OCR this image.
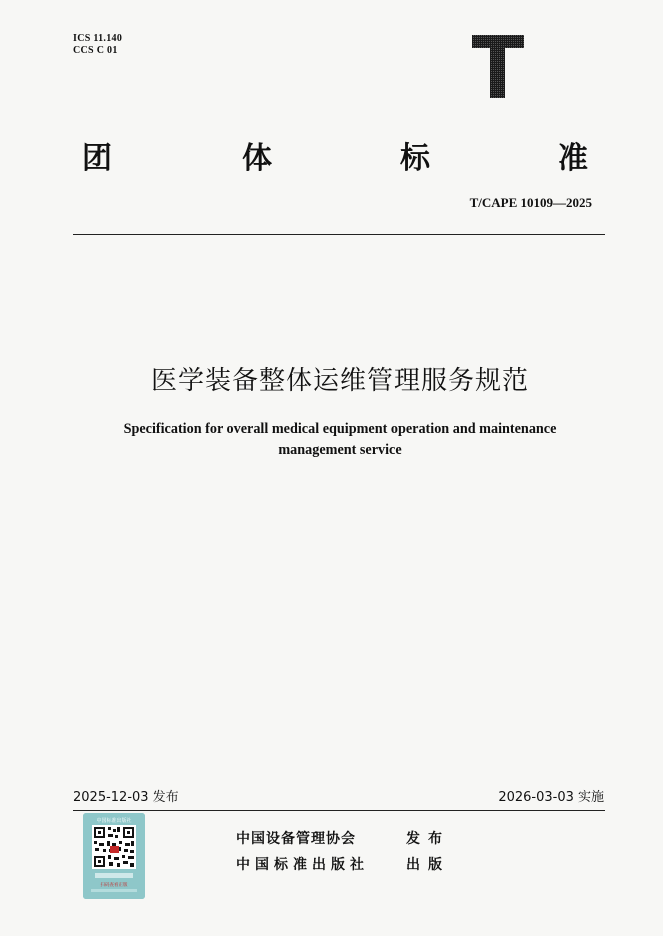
ICS 11.140
CCS C 01
T
团	体	标	准
T/CAPE 10109—2025
医学装备整体运维管理服务规范
Specification for overall medical equipment operation and maintenance
management service
2025-12-03 发布	2026-03-03 实施
中国标准出版社
扫码查看正版
中国设备管理协会	发布
中国标准出版社	出版
